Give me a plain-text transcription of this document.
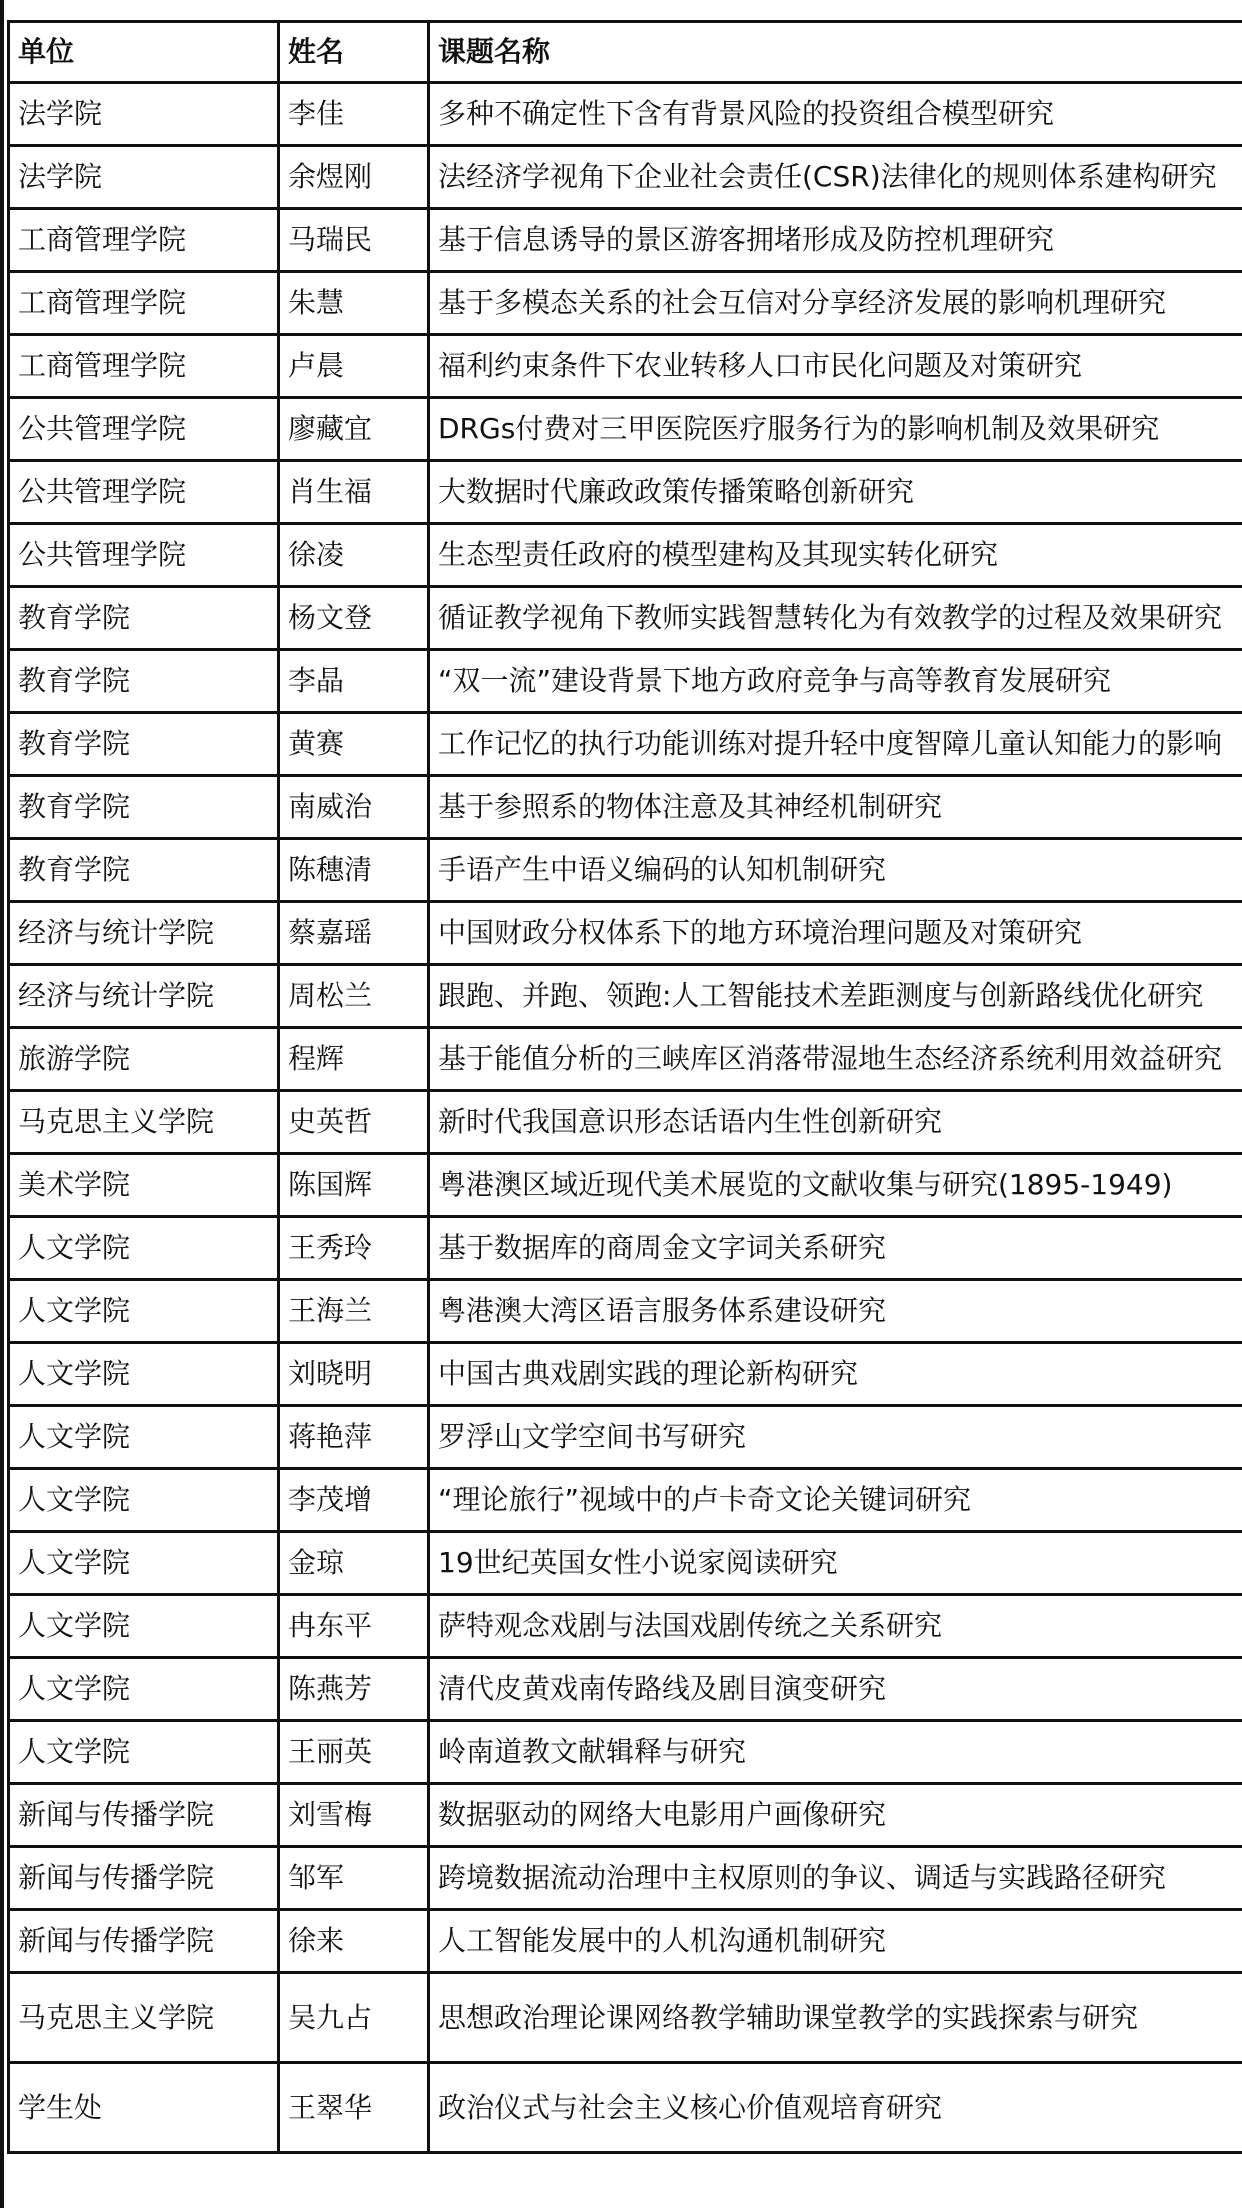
单位	姓名	课题名称
法学院	李佳	多种不确定性下含有背景风险的投资组合模型研究
法学院	余煜刚	法经济学视角下企业社会责任(CSR)法律化的规则体系建构研究
工商管理学院	马瑞民	基于信息诱导的景区游客拥堵形成及防控机理研究
工商管理学院	朱慧	基于多模态关系的社会互信对分享经济发展的影响机理研究
工商管理学院	卢晨	福利约束条件下农业转移人口市民化问题及对策研究
公共管理学院	廖藏宜	DRGs付费对三甲医院医疗服务行为的影响机制及效果研究
公共管理学院	肖生福	大数据时代廉政政策传播策略创新研究
公共管理学院	徐凌	生态型责任政府的模型建构及其现实转化研究
教育学院	杨文登	循证教学视角下教师实践智慧转化为有效教学的过程及效果研究
教育学院	李晶	“双一流”建设背景下地方政府竞争与高等教育发展研究
教育学院	黄赛	工作记忆的执行功能训练对提升轻中度智障儿童认知能力的影响
教育学院	南威治	基于参照系的物体注意及其神经机制研究
教育学院	陈穗清	手语产生中语义编码的认知机制研究
经济与统计学院	蔡嘉瑶	中国财政分权体系下的地方环境治理问题及对策研究
经济与统计学院	周松兰	跟跑、并跑、领跑:人工智能技术差距测度与创新路线优化研究
旅游学院	程辉	基于能值分析的三峡库区消落带湿地生态经济系统利用效益研究
马克思主义学院	史英哲	新时代我国意识形态话语内生性创新研究
美术学院	陈国辉	粤港澳区域近现代美术展览的文献收集与研究(1895-1949)
人文学院	王秀玲	基于数据库的商周金文字词关系研究
人文学院	王海兰	粤港澳大湾区语言服务体系建设研究
人文学院	刘晓明	中国古典戏剧实践的理论新构研究
人文学院	蒋艳萍	罗浮山文学空间书写研究
人文学院	李茂增	“理论旅行”视域中的卢卡奇文论关键词研究
人文学院	金琼	19世纪英国女性小说家阅读研究
人文学院	冉东平	萨特观念戏剧与法国戏剧传统之关系研究
人文学院	陈燕芳	清代皮黄戏南传路线及剧目演变研究
人文学院	王丽英	岭南道教文献辑释与研究
新闻与传播学院	刘雪梅	数据驱动的网络大电影用户画像研究
新闻与传播学院	邹军	跨境数据流动治理中主权原则的争议、调适与实践路径研究
新闻与传播学院	徐来	人工智能发展中的人机沟通机制研究
马克思主义学院	吴九占	思想政治理论课网络教学辅助课堂教学的实践探索与研究
学生处	王翠华	政治仪式与社会主义核心价值观培育研究
